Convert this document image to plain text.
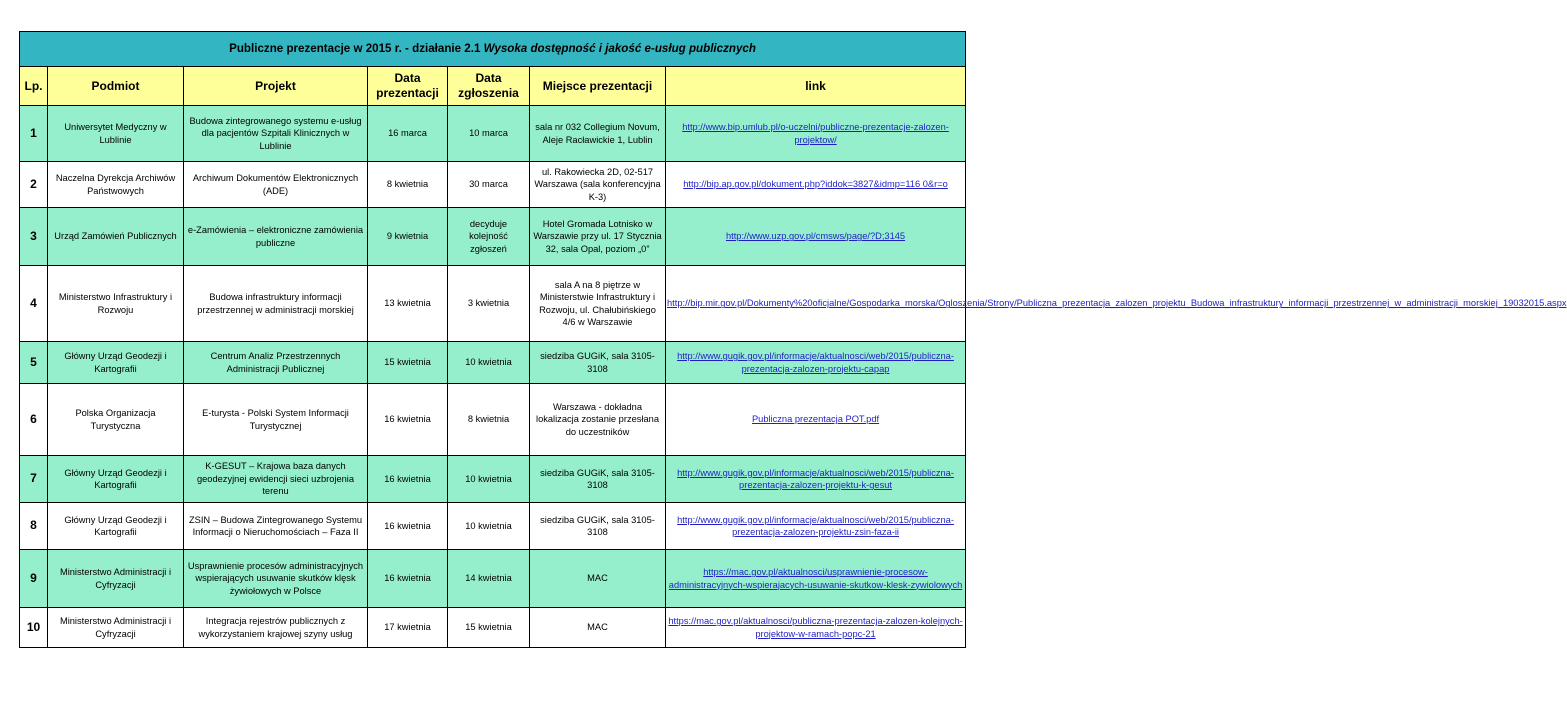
Publiczne prezentacje w 2015 r. - działanie 2.1 Wysoka dostępność i jakość e-usług publicznych						
Lp.	Podmiot	Projekt	Data prezentacji	Data zgłoszenia	Miejsce prezentacji	link
1	Uniwersytet Medyczny w Lublinie	Budowa zintegrowanego systemu e-usług dla pacjentów Szpitali Klinicznych w Lublinie	16 marca	10 marca	sala nr 032 Collegium Novum, Aleje Racławickie 1, Lublin	http://www.bip.umlub.pl/o-uczelni/publiczne-prezentacje-zalozen-projektow/
2	Naczelna Dyrekcja Archiwów Państwowych	Archiwum Dokumentów Elektronicznych (ADE)	8 kwietnia	30 marca	ul. Rakowiecka 2D, 02-517 Warszawa (sala konferencyjna K-3)	http://bip.ap.gov.pl/dokument.php?iddok=3827&idmp=116 0&r=o
3	Urząd Zamówień Publicznych	e-Zamówienia – elektroniczne zamówienia publiczne	9 kwietnia	decyduje kolejność zgłoszeń	Hotel Gromada Lotnisko w Warszawie przy ul. 17 Stycznia 32, sala Opal, poziom „0”	http://www.uzp.gov.pl/cmsws/page/?D;3145
4	Ministerstwo Infrastruktury i Rozwoju	Budowa infrastruktury informacji przestrzennej w administracji morskiej	13 kwietnia	3 kwietnia	sala A na 8 piętrze w Ministerstwie Infrastruktury i Rozwoju, ul. Chałubińskiego 4/6 w Warszawie	http://bip.mir.gov.pl/Dokumenty%20oficjalne/Gospodarka_morska/Ogloszenia/Strony/Publiczna_prezentacja_zalozen_projektu_Budowa_infrastruktury_informacji_przestrzennej_w_administracji_morskiej_19032015.aspx
5	Główny Urząd Geodezji i Kartografii	Centrum Analiz Przestrzennych Administracji Publicznej	15 kwietnia	10 kwietnia	siedziba GUGiK, sala 3105-3108	http://www.gugik.gov.pl/informacje/aktualnosci/web/2015/publiczna-prezentacja-zalozen-projektu-capap
6	Polska Organizacja Turystyczna	E-turysta - Polski System Informacji Turystycznej	16 kwietnia	8 kwietnia	Warszawa - dokładna lokalizacja zostanie przesłana do uczestników	Publiczna prezentacja POT.pdf
7	Główny Urząd Geodezji i Kartografii	K-GESUT – Krajowa baza danych geodezyjnej ewidencji sieci uzbrojenia terenu	16 kwietnia	10 kwietnia	siedziba GUGiK, sala 3105-3108	http://www.gugik.gov.pl/informacje/aktualnosci/web/2015/publiczna-prezentacja-zalozen-projektu-k-gesut
8	Główny Urząd Geodezji i Kartografii	ZSIN – Budowa Zintegrowanego Systemu Informacji o Nieruchomościach – Faza II	16 kwietnia	10 kwietnia	siedziba GUGiK, sala 3105-3108	http://www.gugik.gov.pl/informacje/aktualnosci/web/2015/publiczna-prezentacja-zalozen-projektu-zsin-faza-ii
9	Ministerstwo Administracji i Cyfryzacji	Usprawnienie procesów administracyjnych wspierających usuwanie skutków klęsk żywiołowych w Polsce	16 kwietnia	14 kwietnia	MAC	https://mac.gov.pl/aktualnosci/usprawnienie-procesow-administracyjnych-wspierajacych-usuwanie-skutkow-klesk-zywiolowych
10	Ministerstwo Administracji i Cyfryzacji	Integracja rejestrów publicznych z wykorzystaniem krajowej szyny usług	17 kwietnia	15 kwietnia	MAC	https://mac.gov.pl/aktualnosci/publiczna-prezentacja-zalozen-kolejnych-projektow-w-ramach-popc-21
